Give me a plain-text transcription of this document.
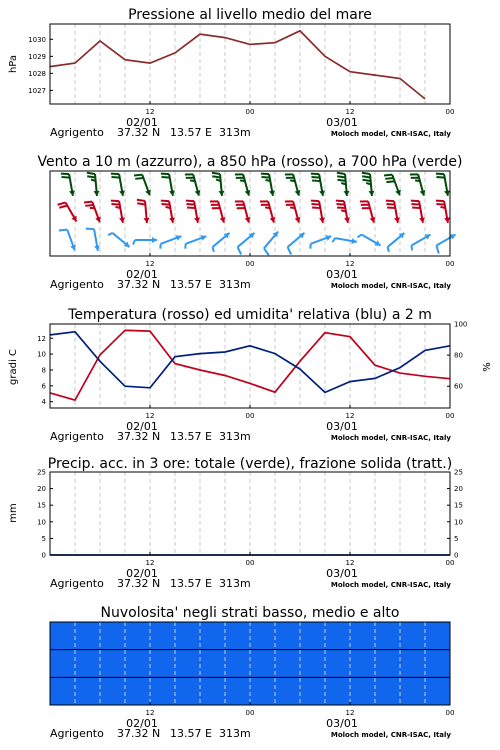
Pressione al livello medio del mare
hPa
1027
1028
1029
1030
12
02/01
00	12
03/01
00
Agrigento 37.32 N 13.57 E 313m	Moloch model, CNR-ISAC, Italy
Vento a 10 m (azzurro), a 850 hPa (rosso), a 700 hPa (verde)
12
02/01
00	12
03/01
00
Agrigento 37.32 N 13.57 E 313m	Moloch model, CNR-ISAC, Italy
Temperatura (rosso) ed umidita' relativa (blu) a 2 m
gradi C	%
4
6
8
10
12
60
80
100
12
02/01
00	12
03/01
00
Agrigento 37.32 N 13.57 E 313m	Moloch model, CNR-ISAC, Italy
Precip. acc. in 3 ore: totale (verde), frazione solida (tratt.)
mm
0
5
10
15
20
25
0
5
10
15
20
25
12
02/01
00	12
03/01
00
Agrigento 37.32 N 13.57 E 313m	Moloch model, CNR-ISAC, Italy
Nuvolosita' negli strati basso, medio e alto
12
02/01
00	12
03/01
00
Agrigento 37.32 N 13.57 E 313m	Moloch model, CNR-ISAC, Italy
